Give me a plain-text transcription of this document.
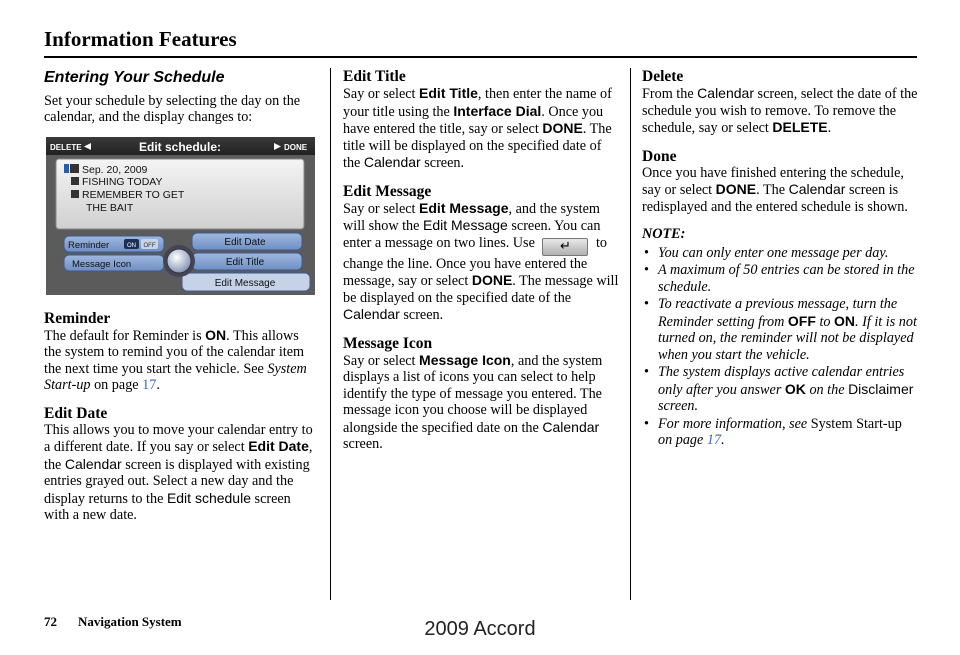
Information Features
Entering Your Schedule

Set your schedule by selecting the day on the calendar, and the display changes to:

DELETE	Edit schedule:	DONE
Sep. 20, 2009
FISHING TODAY
REMEMBER TO GET
THE BAIT
Reminder	ON OFF
Message Icon
Edit Date
Edit Title
Edit Message
Reminder

The default for Reminder is ON. This allows the system to remind you of the calendar item the next time you start the vehicle. See System Start-up on page 17.

Edit Date

This allows you to move your calendar entry to a different date. If you say or select Edit Date, the Calendar screen is displayed with existing entries grayed out. Select a new day and the display returns to the Edit schedule screen with a new date.

Edit Title

Say or select Edit Title, then enter the name of your title using the Interface Dial. Once you have entered the title, say or select DONE. The title will be displayed on the specified date of the Calendar screen.

Edit Message

Say or select Edit Message, and the system will show the Edit Message screen. You can enter a message on two lines. Use ↵ to change the line. Once you have entered the message, say or select DONE. The message will be displayed on the specified date of the Calendar screen.

Message Icon

Say or select Message Icon, and the system displays a list of icons you can select to help identify the type of message you entered. The message icon you choose will be displayed alongside the specified date on the Calendar screen.

Delete

From the Calendar screen, select the date of the schedule you wish to remove. To remove the schedule, say or select DELETE.

Done

Once you have finished entering the schedule, say or select DONE. The Calendar screen is redisplayed and the entered schedule is shown.

NOTE:
• You can only enter one message per day.
• A maximum of 50 entries can be stored in the schedule.
• To reactivate a previous message, turn the Reminder setting from OFF to ON. If it is not turned on, the reminder will not be displayed when you start the vehicle.
• The system displays active calendar entries only after you answer OK on the Disclaimer screen.
• For more information, see System Start-up on page 17.
72 Navigation System	2009 Accord
